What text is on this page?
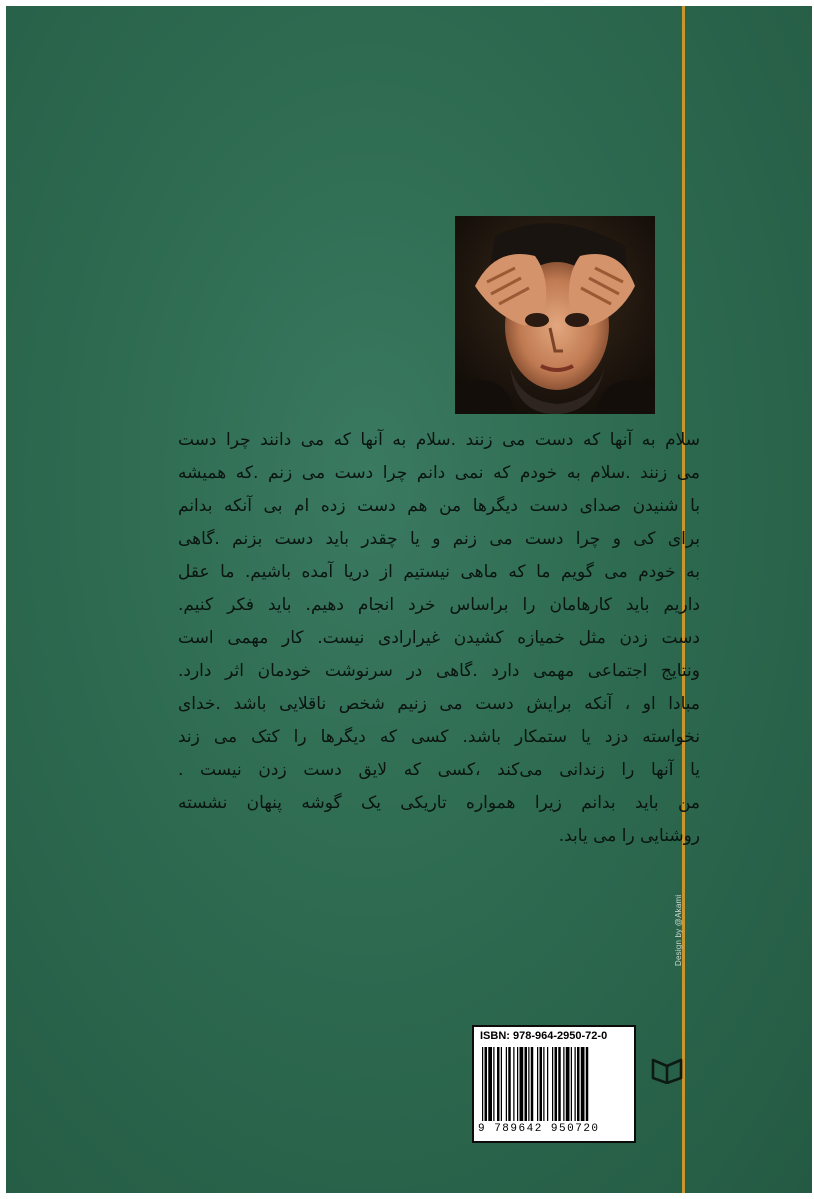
سلام به آنها که دست می زنند .سلام به آنها که می دانند چرا دست
می زنند .سلام به خودم که نمی دانم چرا دست می زنم .که همیشه
با شنیدن صدای دست دیگرها من هم دست زده ام بی آنکه بدانم
برای کی و چرا دست می زنم و یا چقدر باید دست بزنم .گاهی
به خودم می گویم ما که ماهی نیستیم از دریا آمده باشیم. ما عقل
داریم باید کارهامان را براساس خرد انجام دهیم. باید فکر کنیم.
دست زدن مثل خمیازه کشیدن غیرارادی نیست. کار مهمی است
ونتایج اجتماعی مهمی دارد .گاهی در سرنوشت خودمان اثر دارد.
مبادا او ، آنکه برایش دست می زنیم شخص ناقلایی باشد .خدای
نخواسته دزد یا ستمکار باشد. کسی که دیگرها را کتک می زند
یا آنها را زندانی می‌کند ،کسی که لایق دست زدن نیست .
من باید بدانم زیرا همواره تاریکی یک گوشه پنهان نشسته
روشنایی را می یابد.
Design by @Akami
ISBN: 978-964-2950-72-0
9 789642 950720
